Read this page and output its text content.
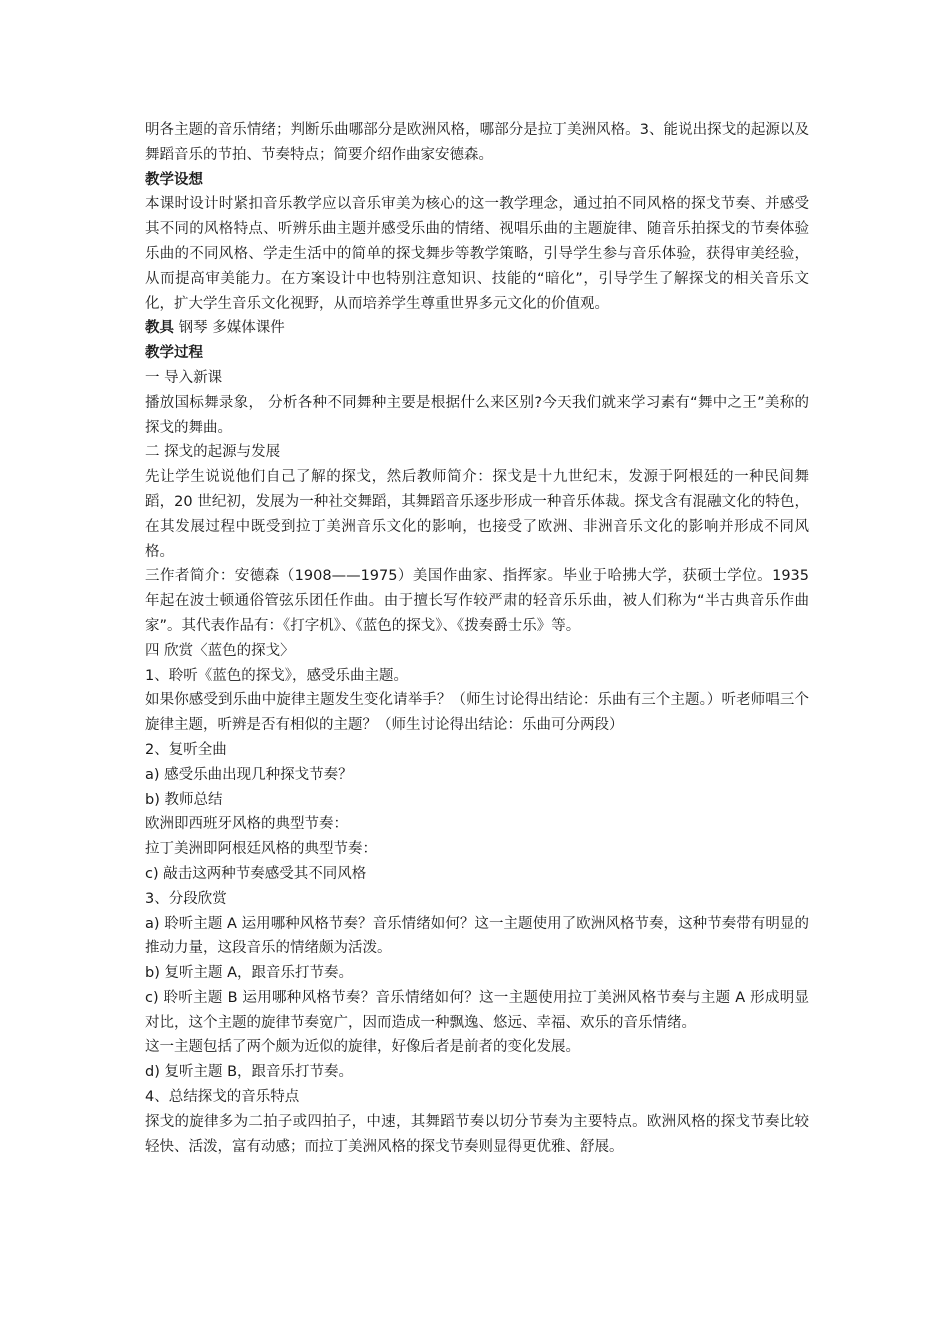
明各主题的音乐情绪；判断乐曲哪部分是欧洲风格，哪部分是拉丁美洲风格。3、能说出探戈的起源以及舞蹈音乐的节拍、节奏特点；简要介绍作曲家安德森。

教学设想

本课时设计时紧扣音乐教学应以音乐审美为核心的这一教学理念，通过拍不同风格的探戈节奏、并感受其不同的风格特点、听辨乐曲主题并感受乐曲的情绪、视唱乐曲的主题旋律、随音乐拍探戈的节奏体验乐曲的不同风格、学走生活中的简单的探戈舞步等教学策略，引导学生参与音乐体验，获得审美经验，从而提高审美能力。在方案设计中也特别注意知识、技能的“暗化”，引导学生了解探戈的相关音乐文化，扩大学生音乐文化视野，从而培养学生尊重世界多元文化的价值观。

教具 钢琴 多媒体课件

教学过程

一 导入新课

播放国标舞录象， 分析各种不同舞种主要是根据什么来区别?今天我们就来学习素有“舞中之王”美称的探戈的舞曲。

二 探戈的起源与发展

先让学生说说他们自己了解的探戈，然后教师简介：探戈是十九世纪末，发源于阿根廷的一种民间舞蹈，20 世纪初，发展为一种社交舞蹈，其舞蹈音乐逐步形成一种音乐体裁。探戈含有混融文化的特色，在其发展过程中既受到拉丁美洲音乐文化的影响，也接受了欧洲、非洲音乐文化的影响并形成不同风格。

三作者简介：安德森（1908——1975）美国作曲家、指挥家。毕业于哈拂大学，获硕士学位。1935 年起在波士顿通俗管弦乐团任作曲。由于擅长写作较严肃的轻音乐乐曲，被人们称为“半古典音乐作曲家”。其代表作品有：《打字机》、《蓝色的探戈》、《拨奏爵士乐》等。

四 欣赏〈蓝色的探戈〉

1、聆听《蓝色的探戈》，感受乐曲主题。

如果你感受到乐曲中旋律主题发生变化请举手？（师生讨论得出结论：乐曲有三个主题。）听老师唱三个旋律主题，听辨是否有相似的主题？（师生讨论得出结论：乐曲可分两段）

2、复听全曲

a) 感受乐曲出现几种探戈节奏？

b) 教师总结

欧洲即西班牙风格的典型节奏：

拉丁美洲即阿根廷风格的典型节奏：

c) 敲击这两种节奏感受其不同风格

3、分段欣赏

a) 聆听主题 A 运用哪种风格节奏？音乐情绪如何？这一主题使用了欧洲风格节奏，这种节奏带有明显的推动力量，这段音乐的情绪颇为活泼。

b) 复听主题 A，跟音乐打节奏。

c) 聆听主题 B 运用哪种风格节奏？音乐情绪如何？这一主题使用拉丁美洲风格节奏与主题 A 形成明显对比，这个主题的旋律节奏宽广，因而造成一种飘逸、悠远、幸福、欢乐的音乐情绪。

这一主题包括了两个颇为近似的旋律，好像后者是前者的变化发展。

d) 复听主题 B，跟音乐打节奏。

4、总结探戈的音乐特点

探戈的旋律多为二拍子或四拍子，中速，其舞蹈节奏以切分节奏为主要特点。欧洲风格的探戈节奏比较轻快、活泼，富有动感；而拉丁美洲风格的探戈节奏则显得更优雅、舒展。
